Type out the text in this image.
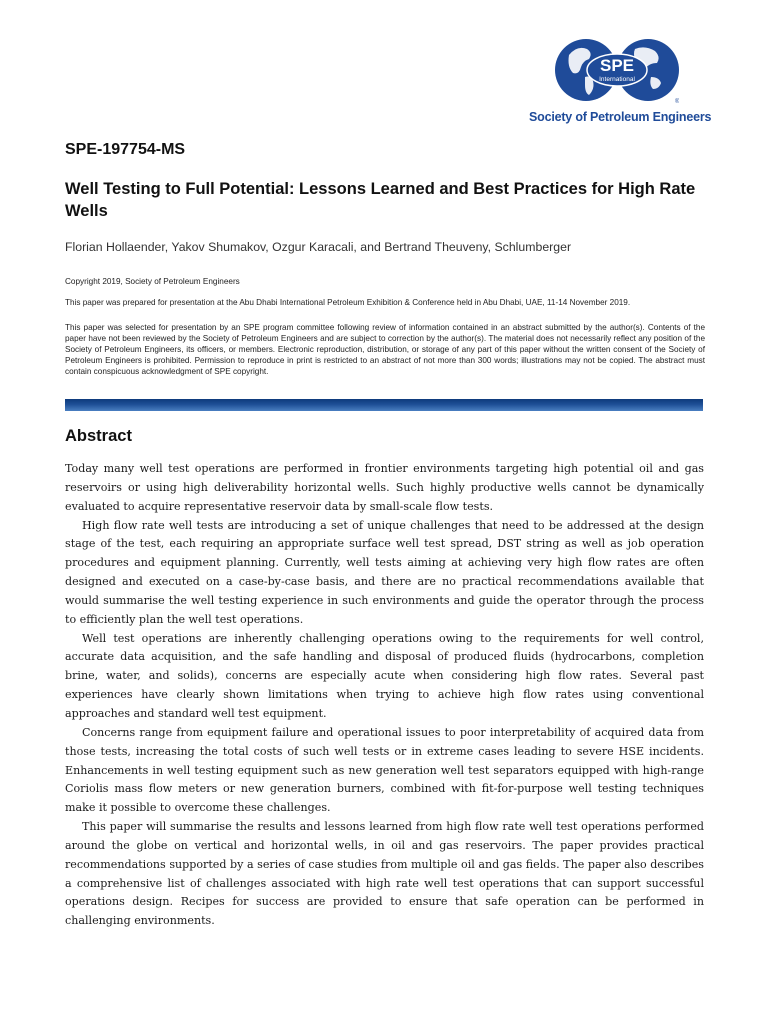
SPE
International
®
Society of Petroleum Engineers
SPE-197754-MS
Well Testing to Full Potential: Lessons Learned and Best Practices for High Rate Wells
Florian Hollaender, Yakov Shumakov, Ozgur Karacali, and Bertrand Theuveny, Schlumberger

Copyright 2019, Society of Petroleum Engineers

This paper was prepared for presentation at the Abu Dhabi International Petroleum Exhibition & Conference held in Abu Dhabi, UAE, 11-14 November 2019.

This paper was selected for presentation by an SPE program committee following review of information contained in an abstract submitted by the author(s). Contents of the paper have not been reviewed by the Society of Petroleum Engineers and are subject to correction by the author(s). The material does not necessarily reflect any position of the Society of Petroleum Engineers, its officers, or members. Electronic reproduction, distribution, or storage of any part of this paper without the written consent of the Society of Petroleum Engineers is prohibited. Permission to reproduce in print is restricted to an abstract of not more than 300 words; illustrations may not be copied. The abstract must contain conspicuous acknowledgment of SPE copyright.

Abstract

Today many well test operations are performed in frontier environments targeting high potential oil and gas reservoirs or using high deliverability horizontal wells. Such highly productive wells cannot be dynamically evaluated to acquire representative reservoir data by small-scale flow tests.

High flow rate well tests are introducing a set of unique challenges that need to be addressed at the design stage of the test, each requiring an appropriate surface well test spread, DST string as well as job operation procedures and equipment planning. Currently, well tests aiming at achieving very high flow rates are often designed and executed on a case-by-case basis, and there are no practical recommendations available that would summarise the well testing experience in such environments and guide the operator through the process to efficiently plan the well test operations.

Well test operations are inherently challenging operations owing to the requirements for well control, accurate data acquisition, and the safe handling and disposal of produced fluids (hydrocarbons, completion brine, water, and solids), concerns are especially acute when considering high flow rates. Several past experiences have clearly shown limitations when trying to achieve high flow rates using conventional approaches and standard well test equipment.

Concerns range from equipment failure and operational issues to poor interpretability of acquired data from those tests, increasing the total costs of such well tests or in extreme cases leading to severe HSE incidents. Enhancements in well testing equipment such as new generation well test separators equipped with high-range Coriolis mass flow meters or new generation burners, combined with fit-for-purpose well testing techniques make it possible to overcome these challenges.

This paper will summarise the results and lessons learned from high flow rate well test operations performed around the globe on vertical and horizontal wells, in oil and gas reservoirs. The paper provides practical recommendations supported by a series of case studies from multiple oil and gas fields. The paper also describes a comprehensive list of challenges associated with high rate well test operations that can support successful operations design. Recipes for success are provided to ensure that safe operation can be performed in challenging environments.
